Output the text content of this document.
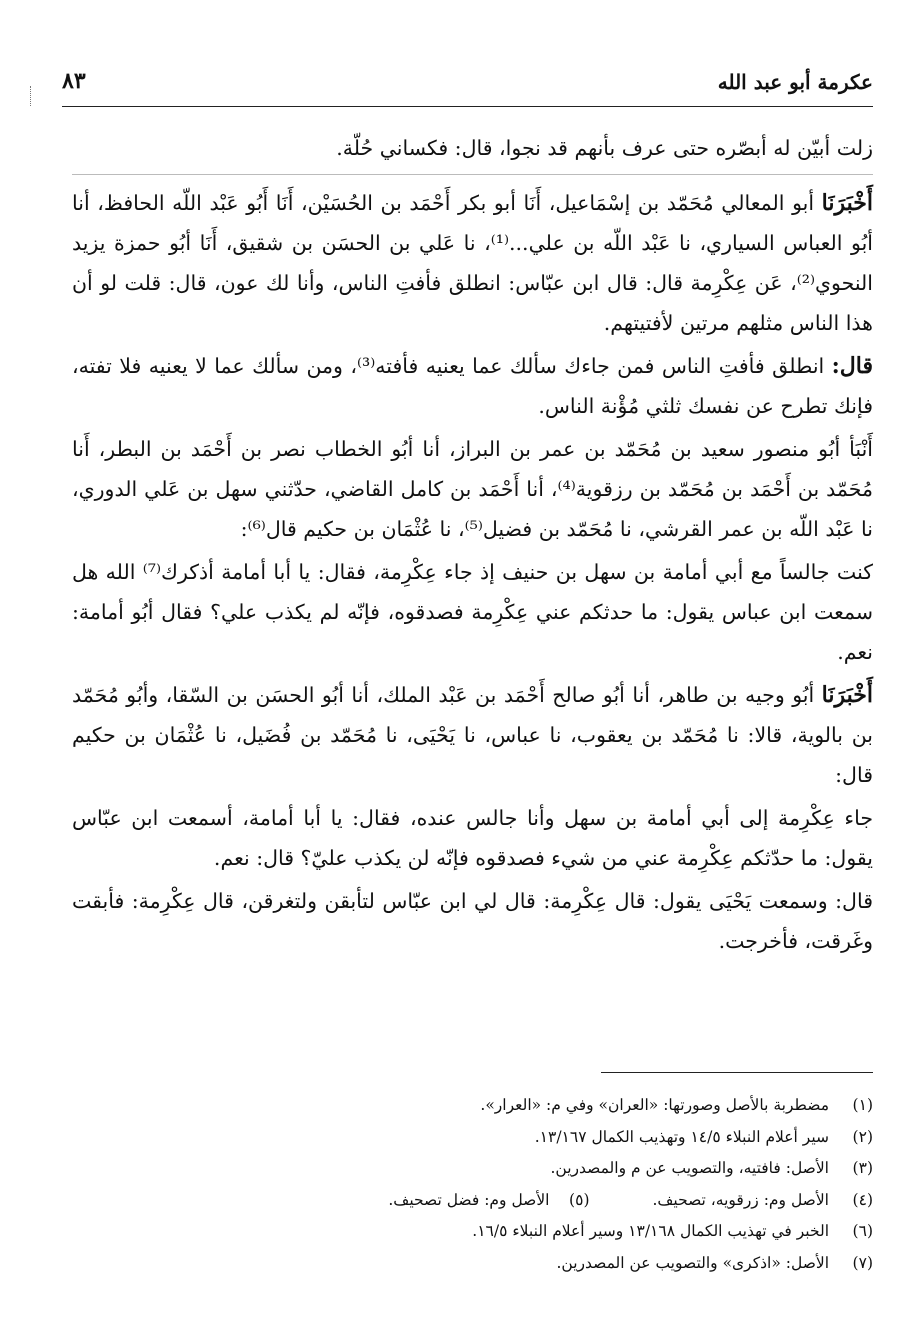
عكرمة أبو عبد الله
٨٣

زلت أبيّن له أبصّره حتى عرف بأنهم قد نجوا، قال: فكساني حُلّة.

أَخْبَرَنَا أبو المعالي مُحَمّد بن إسْمَاعيل، أَنَا أبو بكر أَحْمَد بن الحُسَيْن، أَنَا أَبُو عَبْد اللّه الحافظ، أنا أبُو العباس السياري، نا عَبْد اللّه بن علي...⁽¹⁾، نا عَلي بن الحسَن بن شقيق، أَنَا أبُو حمزة يزيد النحوي⁽²⁾، عَن عِكْرِمة قال: قال ابن عبّاس: انطلق فأفتِ الناس، وأنا لك عون، قال: قلت لو أن هذا الناس مثلهم مرتين لأفتيتهم.

قال: انطلق فأفتِ الناس فمن جاءك سألك عما يعنيه فأفته⁽³⁾، ومن سألك عما لا يعنيه فلا تفته، فإنك تطرح عن نفسك ثلثي مُؤْنة الناس.

أَنْبَأ أبُو منصور سعيد بن مُحَمّد بن عمر بن البراز، أنا أبُو الخطاب نصر بن أَحْمَد بن البطر، أَنا مُحَمّد بن أَحْمَد بن مُحَمّد بن رزقوية⁽⁴⁾، أنا أَحْمَد بن كامل القاضي، حدّثني سهل بن عَلي الدوري، نا عَبْد اللّه بن عمر القرشي، نا مُحَمّد بن فضيل⁽⁵⁾، نا عُثْمَان بن حكيم قال⁽⁶⁾:

كنت جالساً مع أبي أمامة بن سهل بن حنيف إذ جاء عِكْرِمة، فقال: يا أبا أمامة أذكرك⁽⁷⁾ الله هل سمعت ابن عباس يقول: ما حدثكم عني عِكْرِمة فصدقوه، فإنّه لم يكذب علي؟ فقال أبُو أمامة: نعم.

أَخْبَرَنَا أبُو وجيه بن طاهر، أنا أبُو صالح أَحْمَد بن عَبْد الملك، أنا أبُو الحسَن بن السّقا، وأبُو مُحَمّد بن بالوية، قالا: نا مُحَمّد بن يعقوب، نا عباس، نا يَحْيَى، نا مُحَمّد بن فُضَيل، نا عُثْمَان بن حكيم قال:

جاء عِكْرِمة إلى أبي أمامة بن سهل وأنا جالس عنده، فقال: يا أبا أمامة، أسمعت ابن عبّاس يقول: ما حدّثكم عِكْرِمة عني من شيء فصدقوه فإنّه لن يكذب عليّ؟ قال: نعم.

قال: وسمعت يَحْيَى يقول: قال عِكْرِمة: قال لي ابن عبّاس لتأبقن ولتغرقن، قال عِكْرِمة: فأبقت وغَرقت، فأخرجت.

(١)مضطربة بالأصل وصورتها: «العران» وفي م: «العرار».
(٢)سير أعلام النبلاء ١٤/٥ وتهذيب الكمال ١٣/١٦٧.
(٣)الأصل: فافتيه، والتصويب عن م والمصدرين.
(٤)الأصل وم: زرقويه، تصحيف. (٥)الأصل وم: فضل تصحيف.
(٦)الخبر في تهذيب الكمال ١٣/١٦٨ وسير أعلام النبلاء ١٦/٥.
(٧)الأصل: «اذكرى» والتصويب عن المصدرين.
